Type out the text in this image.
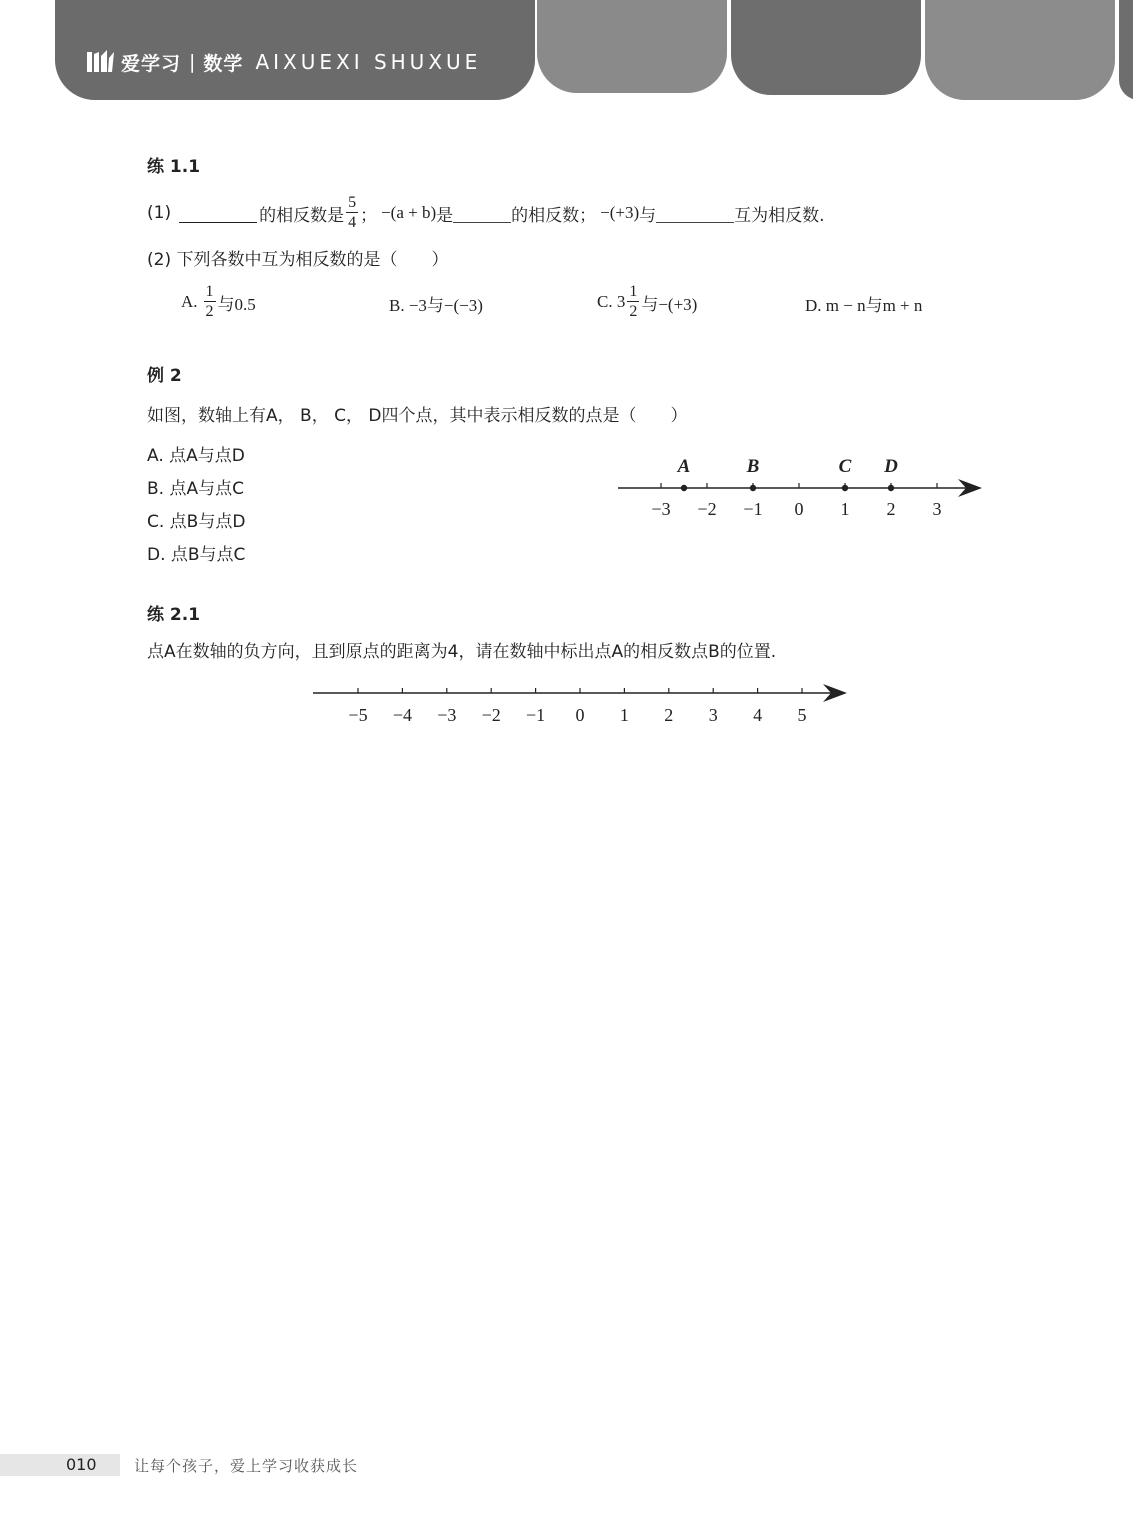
爱学习 | 数学 AIXUEXI SHUXUE
练 1.1
(1)	的相反数是 $\frac{5}{4}$ ； −(a + b) 是	的相反数； −(+3) 与	互为相反数.
(2) 下列各数中互为相反数的是（　　）
A. $\frac{1}{2}$ 与0.5	B. −3与−(−3)	C. $3 \frac{1}{2}$ 与−(+3)	D. m − n与m + n
例 2
如图，数轴上有A， B， C， D四个点，其中表示相反数的点是（　　）
A. 点A与点D
B. 点A与点C
C. 点B与点D
D. 点B与点C
−3 −2 −1 0 1 2 3
A	B	C D
练 2.1
点A在数轴的负方向，且到原点的距离为4，请在数轴中标出点A的相反数点B的位置.
−5 −4 −3 −2 −1 0 1 2 3 4 5
010 让每个孩子，爱上学习收获成长
